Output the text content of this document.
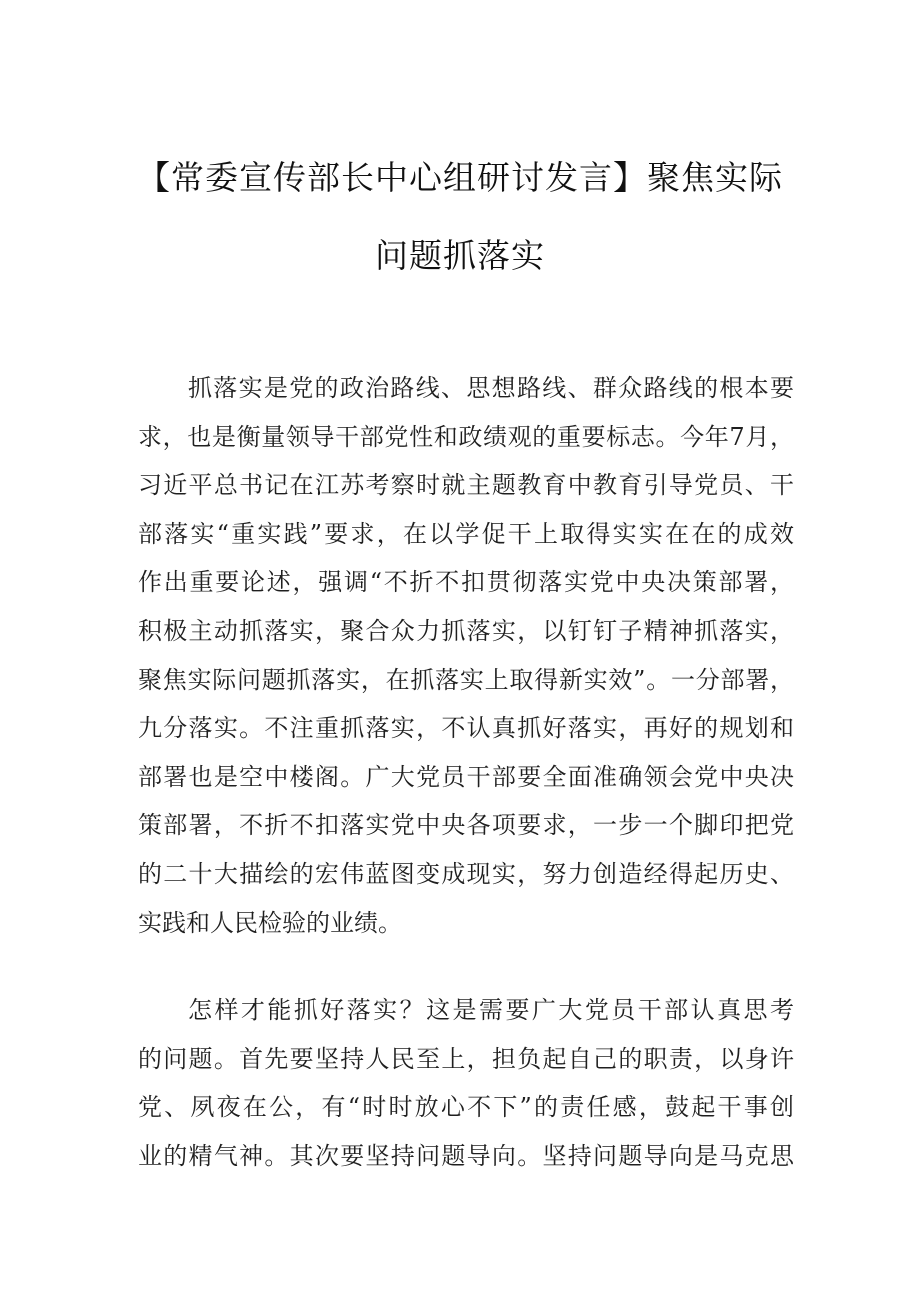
【常委宣传部长中心组研讨发言】聚焦实际
问题抓落实
抓落实是党的政治路线、思想路线、群众路线的根本要
求，也是衡量领导干部党性和政绩观的重要标志。今年7月，
习近平总书记在江苏考察时就主题教育中教育引导党员、干
部落实“重实践”要求，在以学促干上取得实实在在的成效
作出重要论述，强调“不折不扣贯彻落实党中央决策部署，
积极主动抓落实，聚合众力抓落实，以钉钉子精神抓落实，
聚焦实际问题抓落实，在抓落实上取得新实效”。一分部署，
九分落实。不注重抓落实，不认真抓好落实，再好的规划和
部署也是空中楼阁。广大党员干部要全面准确领会党中央决
策部署，不折不扣落实党中央各项要求，一步一个脚印把党
的二十大描绘的宏伟蓝图变成现实，努力创造经得起历史、
实践和人民检验的业绩。
怎样才能抓好落实？这是需要广大党员干部认真思考
的问题。首先要坚持人民至上，担负起自己的职责，以身许
党、夙夜在公，有“时时放心不下”的责任感，鼓起干事创
业的精气神。其次要坚持问题导向。坚持问题导向是马克思
